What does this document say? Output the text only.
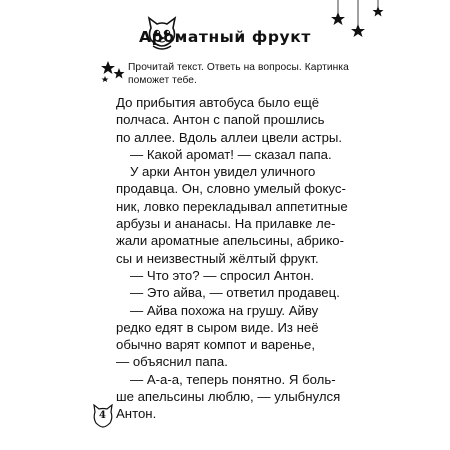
Ароматный фрукт
Прочитай текст. Ответь на вопросы. Картинка поможет тебе.

До прибытия автобуса было ещё

полчаса. Антон с папой прошлись

по аллее. Вдоль аллеи цвели астры.

— Какой аромат! — сказал папа.

У арки Антон увидел уличного

продавца. Он, словно умелый фокус-

ник, ловко перекладывал аппетитные

арбузы и ананасы. На прилавке ле-

жали ароматные апельсины, абрико-

сы и неизвестный жёлтый фрукт.

— Что это? — спросил Антон.

— Это айва, — ответил продавец.

— Айва похожа на грушу. Айву

редко едят в сыром виде. Из неё

обычно варят компот и варенье,

— объяснил папа.

— А-а-а, теперь понятно. Я боль-

ше апельсины люблю, — улыбнулся

Антон.

4
